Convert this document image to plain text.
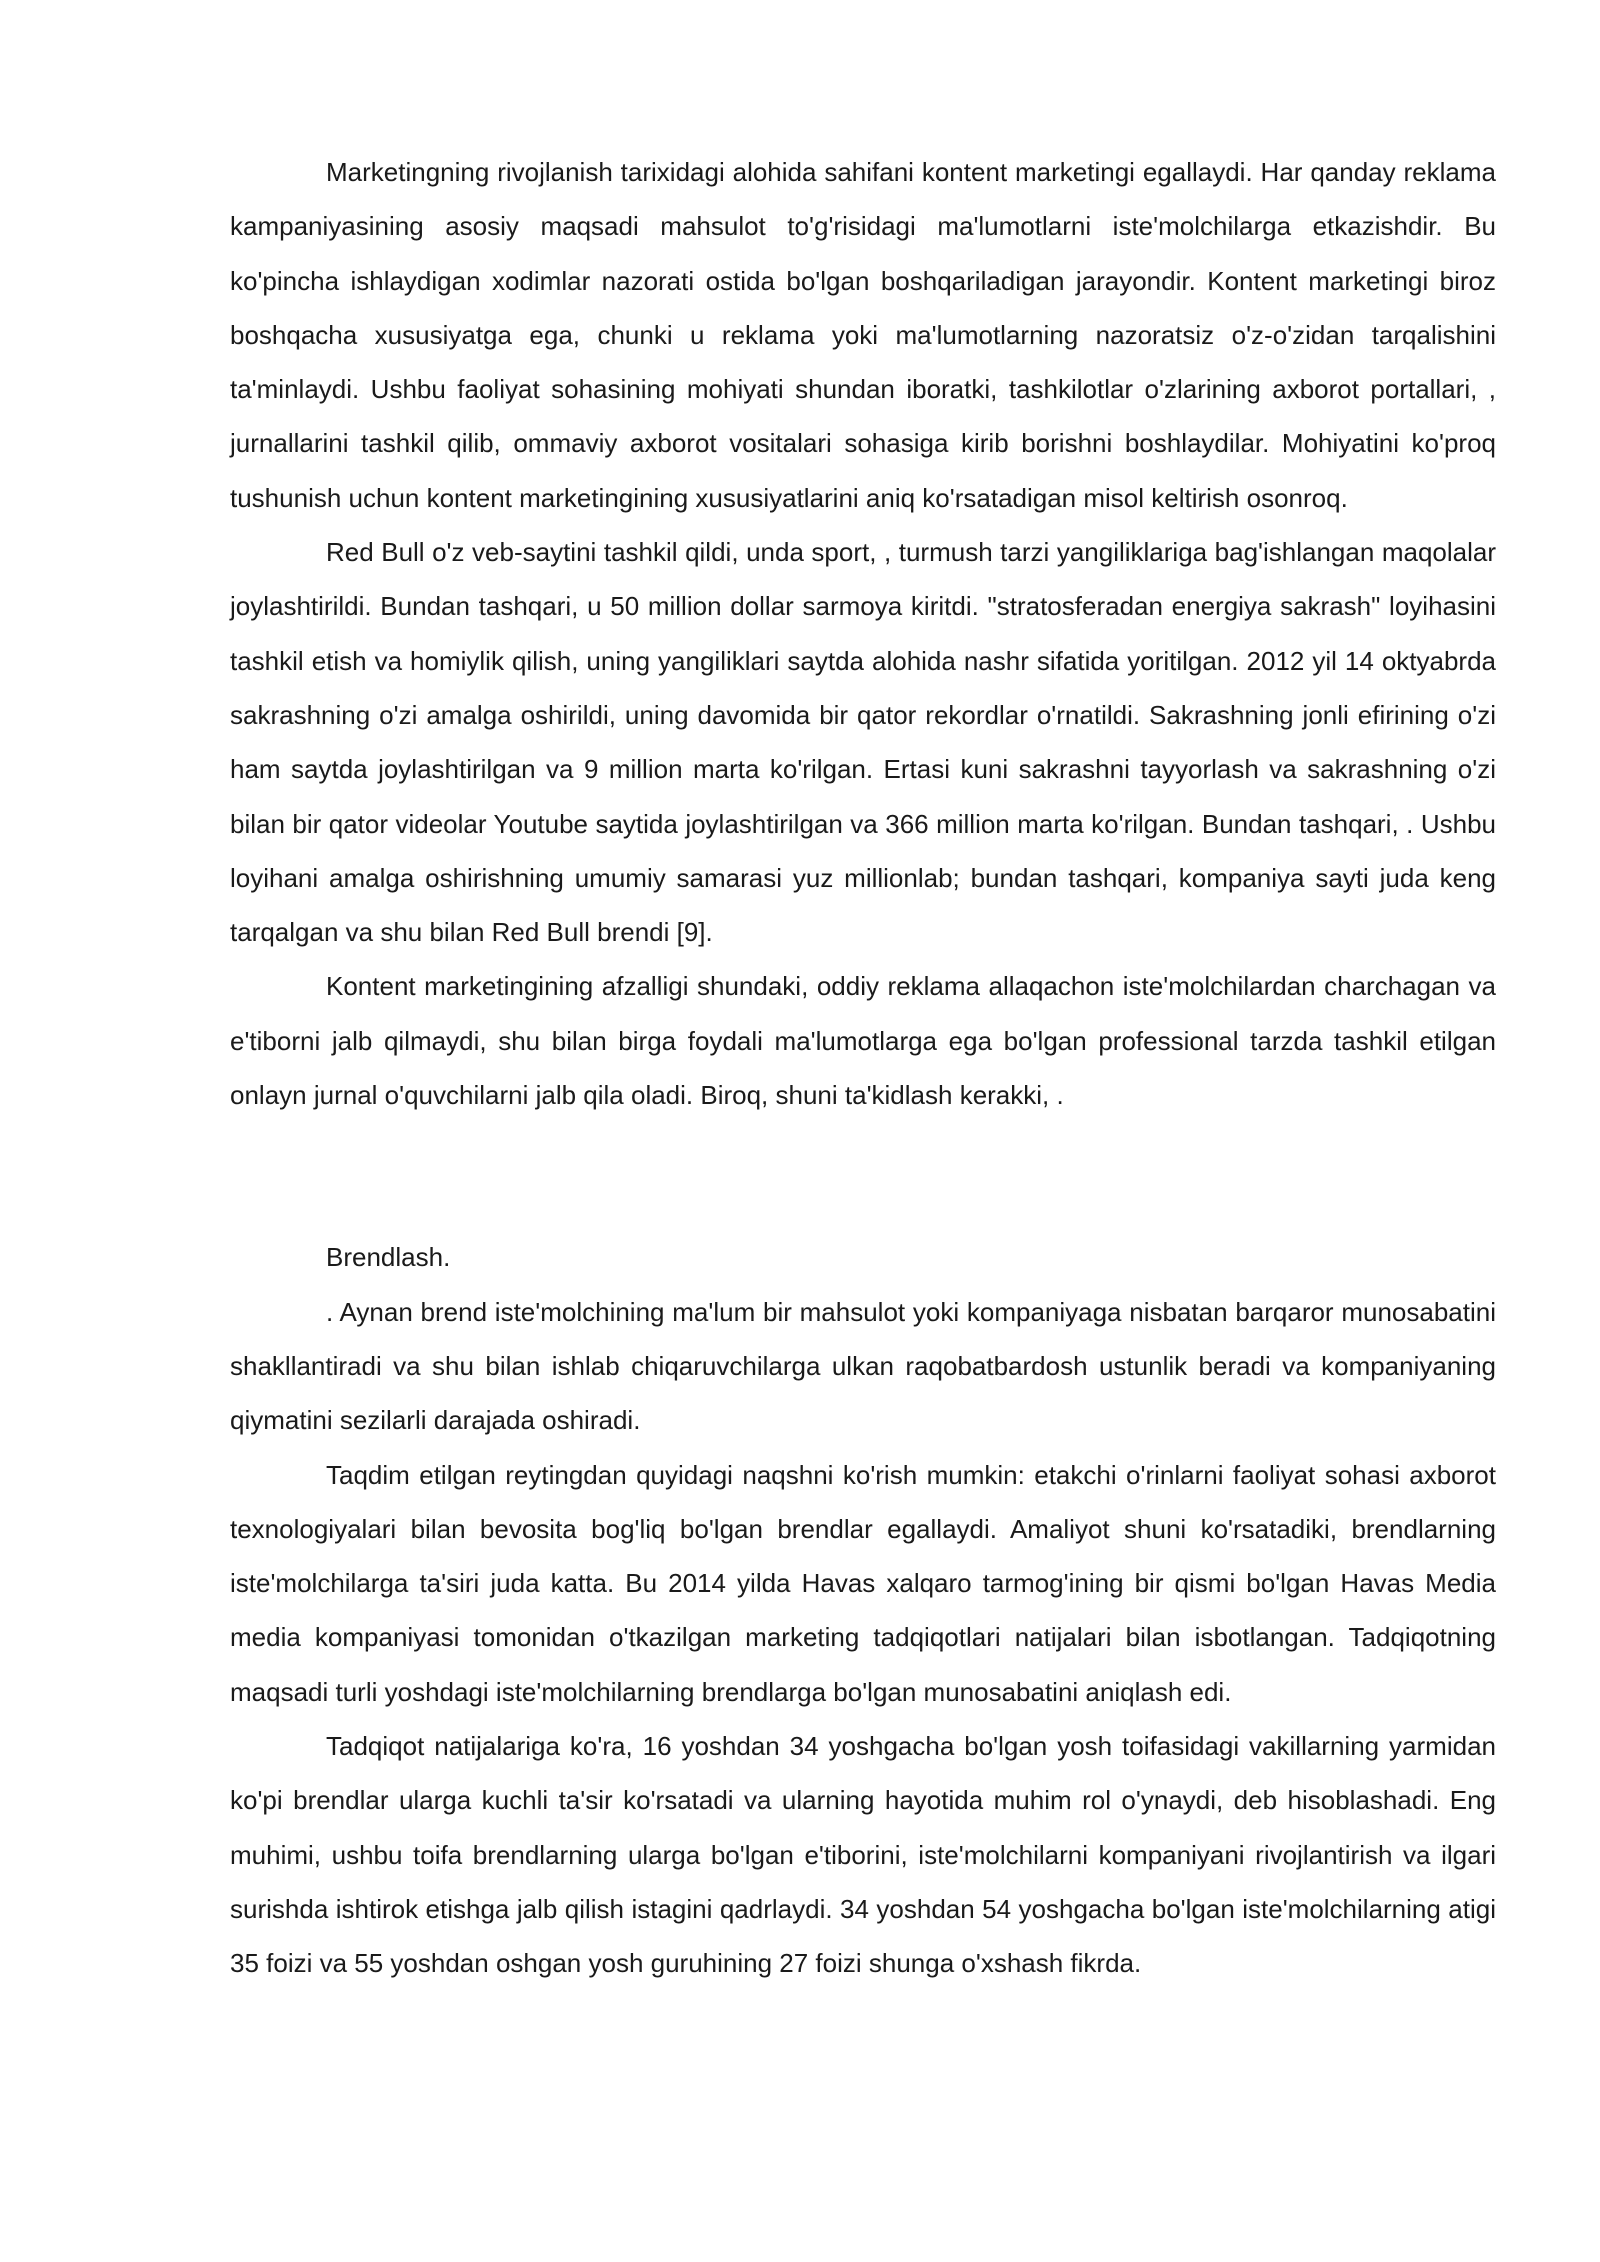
Marketingning rivojlanish tarixidagi alohida sahifani kontent marketingi egallaydi. Har qanday reklama kampaniyasining asosiy maqsadi mahsulot to'g'risidagi ma'lumotlarni iste'molchilarga etkazishdir. Bu ko'pincha ishlaydigan xodimlar nazorati ostida bo'lgan boshqariladigan jarayondir. Kontent marketingi biroz boshqacha xususiyatga ega, chunki u reklama yoki ma'lumotlarning nazoratsiz o'z-o'zidan tarqalishini ta'minlaydi. Ushbu faoliyat sohasining mohiyati shundan iboratki, tashkilotlar o'zlarining axborot portallari, , jurnallarini tashkil qilib, ommaviy axborot vositalari sohasiga kirib borishni boshlaydilar. Mohiyatini ko'proq tushunish uchun kontent marketingining xususiyatlarini aniq ko'rsatadigan misol keltirish osonroq.

Red Bull o'z veb-saytini tashkil qildi, unda sport, , turmush tarzi yangiliklariga bag'ishlangan maqolalar joylashtirildi. Bundan tashqari, u 50 million dollar sarmoya kiritdi. "stratosferadan energiya sakrash" loyihasini tashkil etish va homiylik qilish, uning yangiliklari saytda alohida nashr sifatida yoritilgan. 2012 yil 14 oktyabrda sakrashning o'zi amalga oshirildi, uning davomida bir qator rekordlar o'rnatildi. Sakrashning jonli efirining o'zi ham saytda joylashtirilgan va 9 million marta ko'rilgan. Ertasi kuni sakrashni tayyorlash va sakrashning o'zi bilan bir qator videolar Youtube saytida joylashtirilgan va 366 million marta ko'rilgan. Bundan tashqari, . Ushbu loyihani amalga oshirishning umumiy samarasi yuz millionlab; bundan tashqari, kompaniya sayti juda keng tarqalgan va shu bilan Red Bull brendi [9].

Kontent marketingining afzalligi shundaki, oddiy reklama allaqachon iste'molchilardan charchagan va e'tiborni jalb qilmaydi, shu bilan birga foydali ma'lumotlarga ega bo'lgan professional tarzda tashkil etilgan onlayn jurnal o'quvchilarni jalb qila oladi. Biroq, shuni ta'kidlash kerakki, .

Brendlash.

. Aynan brend iste'molchining ma'lum bir mahsulot yoki kompaniyaga nisbatan barqaror munosabatini shakllantiradi va shu bilan ishlab chiqaruvchilarga ulkan raqobatbardosh ustunlik beradi va kompaniyaning qiymatini sezilarli darajada oshiradi.

Taqdim etilgan reytingdan quyidagi naqshni ko'rish mumkin: etakchi o'rinlarni faoliyat sohasi axborot texnologiyalari bilan bevosita bog'liq bo'lgan brendlar egallaydi. Amaliyot shuni ko'rsatadiki, brendlarning iste'molchilarga ta'siri juda katta. Bu 2014 yilda Havas xalqaro tarmog'ining bir qismi bo'lgan Havas Media media kompaniyasi tomonidan o'tkazilgan marketing tadqiqotlari natijalari bilan isbotlangan. Tadqiqotning maqsadi turli yoshdagi iste'molchilarning brendlarga bo'lgan munosabatini aniqlash edi.

Tadqiqot natijalariga ko'ra, 16 yoshdan 34 yoshgacha bo'lgan yosh toifasidagi vakillarning yarmidan ko'pi brendlar ularga kuchli ta'sir ko'rsatadi va ularning hayotida muhim rol o'ynaydi, deb hisoblashadi. Eng muhimi, ushbu toifa brendlarning ularga bo'lgan e'tiborini, iste'molchilarni kompaniyani rivojlantirish va ilgari surishda ishtirok etishga jalb qilish istagini qadrlaydi. 34 yoshdan 54 yoshgacha bo'lgan iste'molchilarning atigi 35 foizi va 55 yoshdan oshgan yosh guruhining 27 foizi shunga o'xshash fikrda.
